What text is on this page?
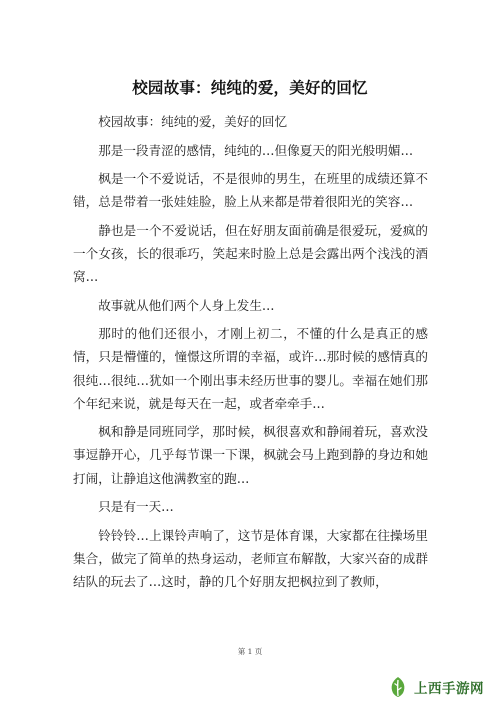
校园故事：纯纯的爱，美好的回忆

校园故事：纯纯的爱，美好的回忆

那是一段青涩的感情，纯纯的…但像夏天的阳光般明媚…

枫是一个不爱说话，不是很帅的男生，在班里的成绩还算不错，总是带着一张娃娃脸，脸上从来都是带着很阳光的笑容…

静也是一个不爱说话，但在好朋友面前确是很爱玩，爱疯的一个女孩，长的很乖巧，笑起来时脸上总是会露出两个浅浅的酒窝…

故事就从他们两个人身上发生…

那时的他们还很小，才刚上初二，不懂的什么是真正的感情，只是懵懂的，憧憬这所谓的幸福，或许…那时候的感情真的很纯…很纯…犹如一个刚出事未经历世事的婴儿。幸福在她们那个年纪来说，就是每天在一起，或者牵牵手…

枫和静是同班同学，那时候，枫很喜欢和静闹着玩，喜欢没事逗静开心，几乎每节课一下课，枫就会马上跑到静的身边和她打闹，让静追这他满教室的跑…

只是有一天…

铃铃铃…上课铃声响了，这节是体育课，大家都在往操场里集合，做完了简单的热身运动，老师宣布解散，大家兴奋的成群结队的玩去了…这时，静的几个好朋友把枫拉到了教师，

第 1 页
上西手游网
